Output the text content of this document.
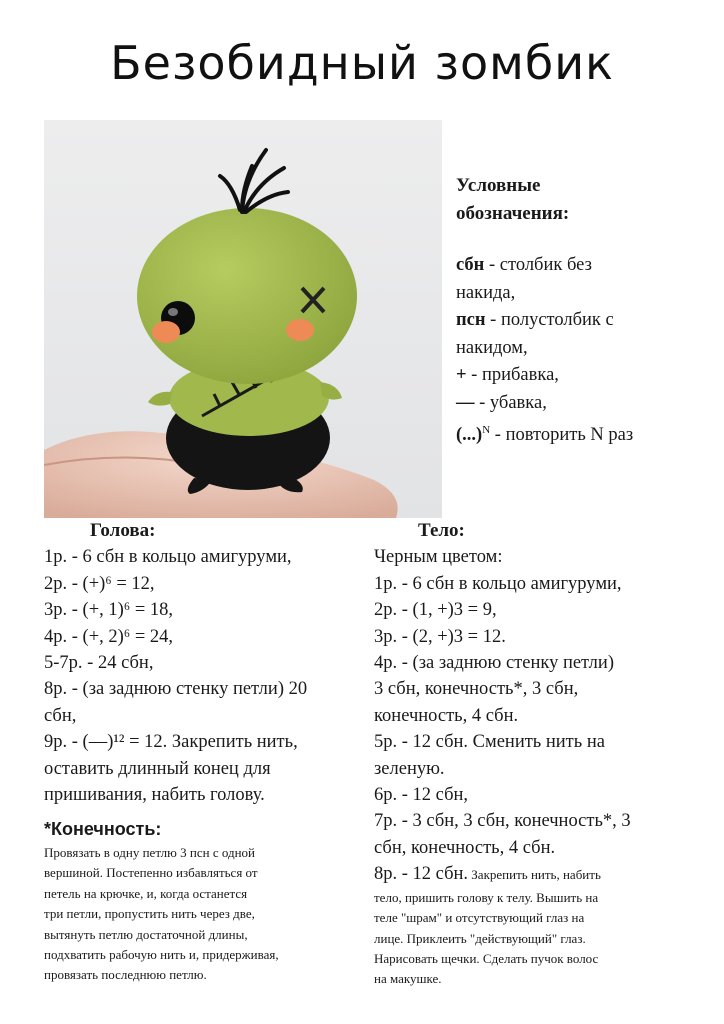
Безобидный зомбик
Условные
обозначения:
сбн - столбик без
накида,
псн - полустолбик с
накидом,
+ - прибавка,
— - убавка,
(...)$^N$ - повторить N раз
Голова:
1р. - 6 сбн в кольцо амигуруми,
2р. - (+)⁶ = 12,
3р. - (+, 1)⁶ = 18,
4р. - (+, 2)⁶ = 24,
5-7р. - 24 сбн,
8р. - (за заднюю стенку петли) 20
сбн,
9р. - (—)¹² = 12. Закрепить нить,
оставить длинный конец для
пришивания, набить голову.
*Конечность:
Провязать в одну петлю 3 псн с одной
вершиной. Постепенно избавляться от
петель на крючке, и, когда останется
три петли, пропустить нить через две,
вытянуть петлю достаточной длины,
подхватить рабочую нить и, придерживая,
провязать последнюю петлю.
Тело:
Черным цветом:
1р. - 6 сбн в кольцо амигуруми,
2р. - (1, +)3 = 9,
3р. - (2, +)3 = 12.
4р. - (за заднюю стенку петли)
3 сбн, конечность*, 3 сбн,
конечность, 4 сбн.
5р. - 12 сбн. Сменить нить на
зеленую.
6р. - 12 сбн,
7р. - 3 сбн, 3 сбн, конечность*, 3
сбн, конечность, 4 сбн.
8р. - 12 сбн. Закрепить нить, набить
тело, пришить голову к телу. Вышить на
теле "шрам" и отсутствующий глаз на
лице. Приклеить "действующий" глаз.
Нарисовать щечки. Сделать пучок волос
на макушке.
